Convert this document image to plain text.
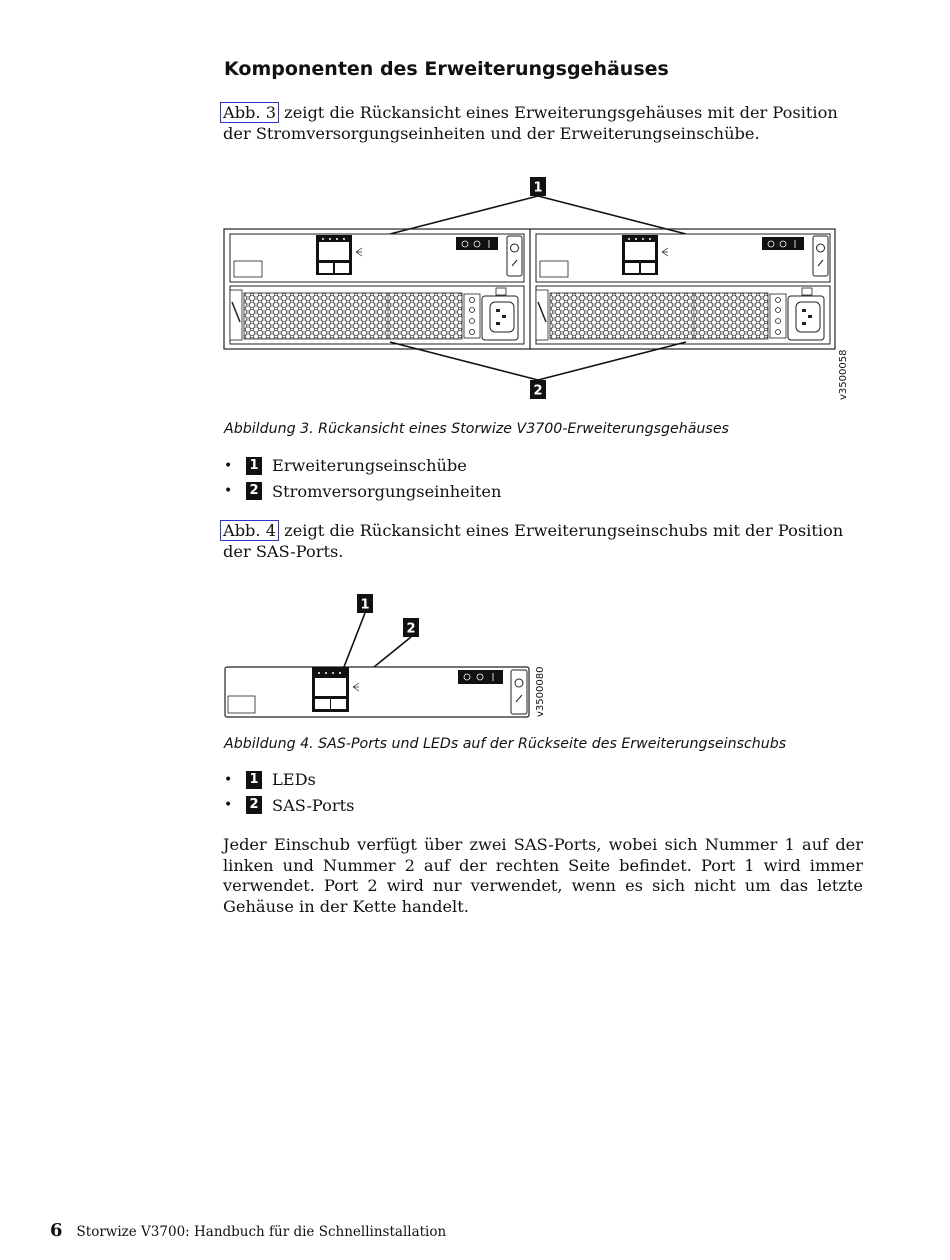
Komponenten des Erweiterungsgehäuses

Abb. 3 zeigt die Rückansicht eines Erweiterungsgehäuses mit der Position der Stromversorgungseinheiten und der Erweiterungseinschübe.

1
2	v3500058

Abbildung 3. Rückansicht eines Storwize V3700-Erweiterungsgehäuses

•	1 Erweiterungseinschübe
•	2 Stromversorgungseinheiten

Abb. 4 zeigt die Rückansicht eines Erweiterungseinschubs mit der Position der SAS-Ports.

1
2
v3500080

Abbildung 4. SAS-Ports und LEDs auf der Rückseite des Erweiterungseinschubs

•	1 LEDs
•	2 SAS-Ports

Jeder Einschub verfügt über zwei SAS-Ports, wobei sich Nummer 1 auf der linken und Nummer 2 auf der rechten Seite befindet. Port 1 wird immer verwendet. Port 2 wird nur verwendet, wenn es sich nicht um das letzte Gehäuse in der Kette handelt.

6 Storwize V3700: Handbuch für die Schnellinstallation
